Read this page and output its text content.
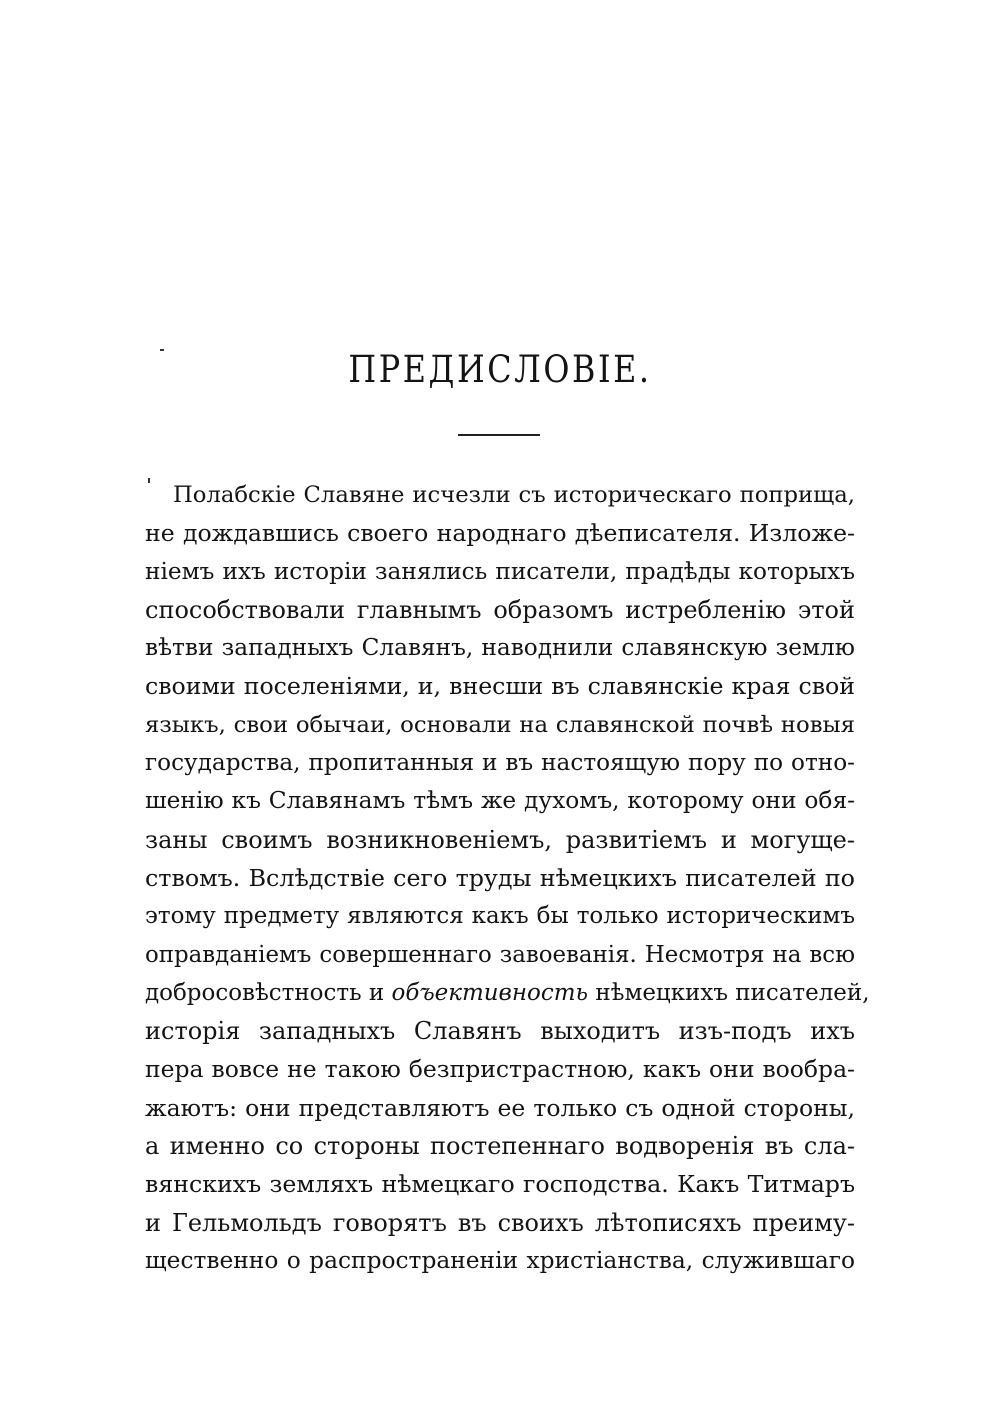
ПРЕДИСЛОВІЕ.
Полабскіе Славяне исчезли съ историческаго поприща,
не дождавшись своего народнаго дѣеписателя. Изложе-
ніемъ ихъ исторіи занялись писатели, прадѣды которыхъ
способствовали главнымъ образомъ истребленію этой
вѣтви западныхъ Славянъ, наводнили славянскую землю
своими поселеніями, и, внесши въ славянскіе края свой
языкъ, свои обычаи, основали на славянской почвѣ новыя
государства, пропитанныя и въ настоящую пору по отно-
шенію къ Славянамъ тѣмъ же духомъ, которому они обя-
заны своимъ возникновеніемъ, развитіемъ и могуще-
ствомъ. Вслѣдствіе сего труды нѣмецкихъ писателей по
этому предмету являются какъ бы только историческимъ
оправданіемъ совершеннаго завоеванія. Несмотря на всю
добросовѣстность и объективность нѣмецкихъ писателей,
исторія западныхъ Славянъ выходитъ изъ-подъ ихъ
пера вовсе не такою безпристрастною, какъ они вообра-
жаютъ: они представляютъ ее только съ одной стороны,
а именно со стороны постепеннаго водворенія въ сла-
вянскихъ земляхъ нѣмецкаго господства. Какъ Титмаръ
и Гельмольдъ говорятъ въ своихъ лѣтописяхъ преиму-
щественно о распространеніи христіанства, служившаго
